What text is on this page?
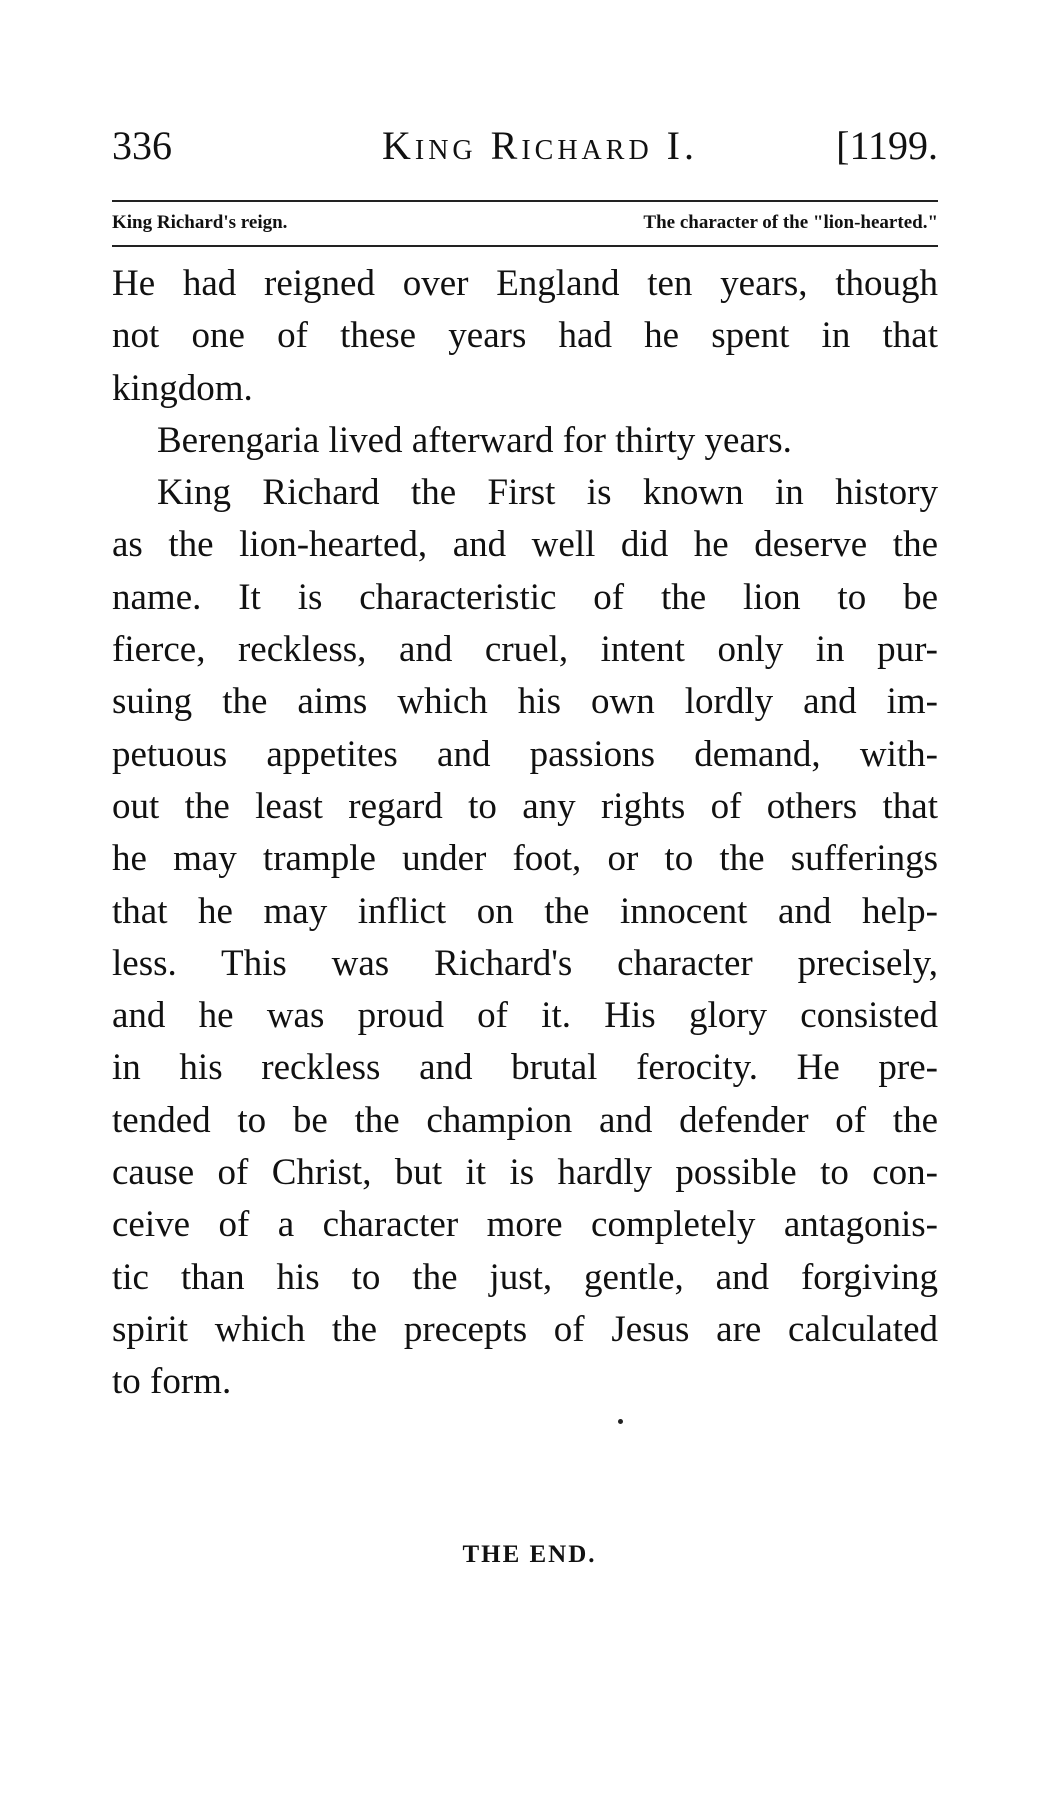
336	King Richard I.	[1199.
King Richard's reign.	The character of the "lion-hearted."
He had reigned over England ten years, though
not one of these years had he spent in that
kingdom.
Berengaria lived afterward for thirty years.
King Richard the First is known in history
as the lion-hearted, and well did he deserve the
name. It is characteristic of the lion to be
fierce, reckless, and cruel, intent only in pur-
suing the aims which his own lordly and im-
petuous appetites and passions demand, with-
out the least regard to any rights of others that
he may trample under foot, or to the sufferings
that he may inflict on the innocent and help-
less. This was Richard's character precisely,
and he was proud of it. His glory consisted
in his reckless and brutal ferocity. He pre-
tended to be the champion and defender of the
cause of Christ, but it is hardly possible to con-
ceive of a character more completely antagonis-
tic than his to the just, gentle, and forgiving
spirit which the precepts of Jesus are calculated
to form.
THE END.
